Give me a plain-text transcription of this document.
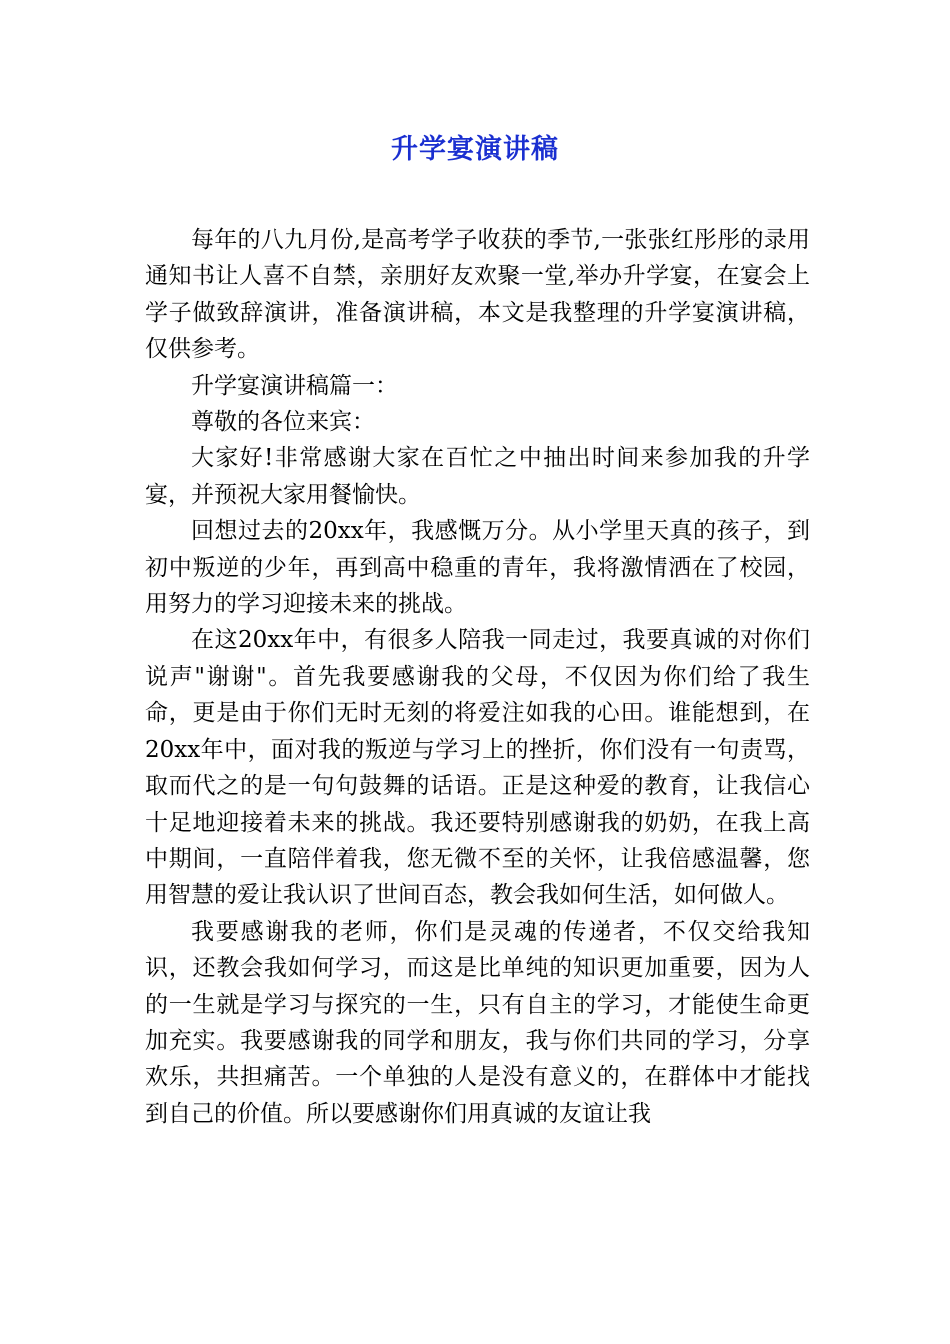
升学宴演讲稿

每年的八九月份,是高考学子收获的季节,一张张红彤彤的录用通知书让人喜不自禁，亲朋好友欢聚一堂,举办升学宴，在宴会上学子做致辞演讲，准备演讲稿，本文是我整理的升学宴演讲稿，仅供参考。

升学宴演讲稿篇一：

尊敬的各位来宾：

大家好!非常感谢大家在百忙之中抽出时间来参加我的升学宴，并预祝大家用餐愉快。

回想过去的20xx年，我感慨万分。从小学里天真的孩子，到初中叛逆的少年，再到高中稳重的青年，我将激情洒在了校园，用努力的学习迎接未来的挑战。

在这20xx年中，有很多人陪我一同走过，我要真诚的对你们说声"谢谢"。首先我要感谢我的父母，不仅因为你们给了我生命，更是由于你们无时无刻的将爱注如我的心田。谁能想到，在20xx年中，面对我的叛逆与学习上的挫折，你们没有一句责骂，取而代之的是一句句鼓舞的话语。正是这种爱的教育，让我信心十足地迎接着未来的挑战。我还要特别感谢我的奶奶，在我上高中期间，一直陪伴着我，您无微不至的关怀，让我倍感温馨，您用智慧的爱让我认识了世间百态，教会我如何生活，如何做人。

我要感谢我的老师，你们是灵魂的传递者，不仅交给我知识，还教会我如何学习，而这是比单纯的知识更加重要，因为人的一生就是学习与探究的一生，只有自主的学习，才能使生命更加充实。我要感谢我的同学和朋友，我与你们共同的学习，分享欢乐，共担痛苦。一个单独的人是没有意义的，在群体中才能找到自己的价值。所以要感谢你们用真诚的友谊让我
